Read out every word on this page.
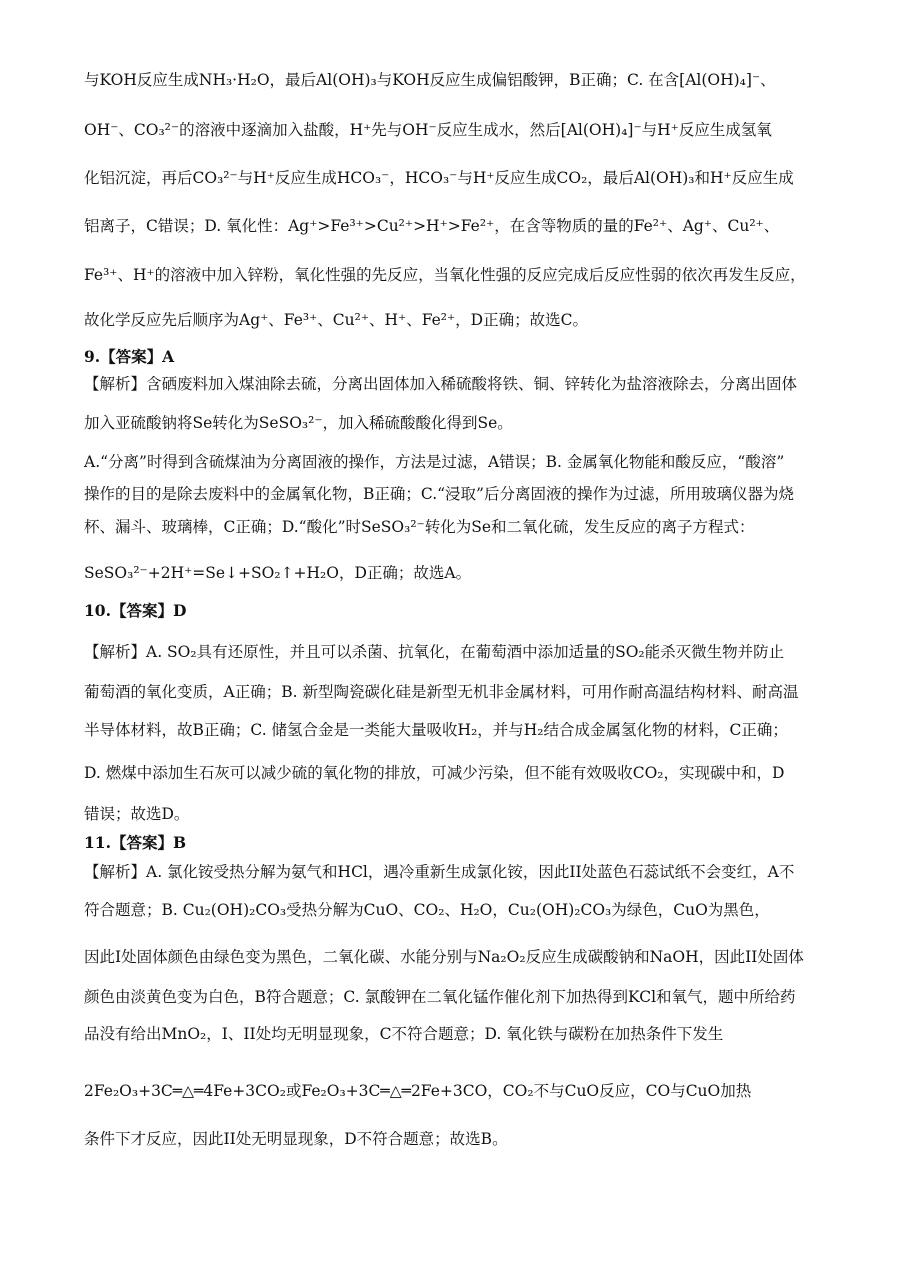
与KOH反应生成NH₃·H₂O，最后Al(OH)₃与KOH反应生成偏铝酸钾，B正确；C. 在含[Al(OH)₄]⁻、
OH⁻、CO₃²⁻的溶液中逐滴加入盐酸，H⁺先与OH⁻反应生成水，然后[Al(OH)₄]⁻与H⁺反应生成氢氧
化铝沉淀，再后CO₃²⁻与H⁺反应生成HCO₃⁻，HCO₃⁻与H⁺反应生成CO₂，最后Al(OH)₃和H⁺反应生成
铝离子，C错误；D. 氧化性：Ag⁺>Fe³⁺>Cu²⁺>H⁺>Fe²⁺，在含等物质的量的Fe²⁺、Ag⁺、Cu²⁺、
Fe³⁺、H⁺的溶液中加入锌粉，氧化性强的先反应，当氧化性强的反应完成后反应性弱的依次再发生反应，
故化学反应先后顺序为Ag⁺、Fe³⁺、Cu²⁺、H⁺、Fe²⁺，D正确；故选C。
9.【答案】A
【解析】含硒废料加入煤油除去硫，分离出固体加入稀硫酸将铁、铜、锌转化为盐溶液除去，分离出固体
加入亚硫酸钠将Se转化为SeSO₃²⁻，加入稀硫酸酸化得到Se。
A.“分离”时得到含硫煤油为分离固液的操作，方法是过滤，A错误；B. 金属氧化物能和酸反应，“酸溶”
操作的目的是除去废料中的金属氧化物，B正确；C.“浸取”后分离固液的操作为过滤，所用玻璃仪器为烧
杯、漏斗、玻璃棒，C正确；D.“酸化”时SeSO₃²⁻转化为Se和二氧化硫，发生反应的离子方程式：
SeSO₃²⁻+2H⁺=Se↓+SO₂↑+H₂O，D正确；故选A。
10.【答案】D
【解析】A. SO₂具有还原性，并且可以杀菌、抗氧化，在葡萄酒中添加适量的SO₂能杀灭微生物并防止
葡萄酒的氧化变质，A正确；B. 新型陶瓷碳化硅是新型无机非金属材料，可用作耐高温结构材料、耐高温
半导体材料，故B正确；C. 储氢合金是一类能大量吸收H₂，并与H₂结合成金属氢化物的材料，C正确；
D. 燃煤中添加生石灰可以减少硫的氧化物的排放，可减少污染，但不能有效吸收CO₂，实现碳中和，D
错误；故选D。
11.【答案】B
【解析】A. 氯化铵受热分解为氨气和HCl，遇冷重新生成氯化铵，因此II处蓝色石蕊试纸不会变红，A不
符合题意；B. Cu₂(OH)₂CO₃受热分解为CuO、CO₂、H₂O，Cu₂(OH)₂CO₃为绿色，CuO为黑色，
因此I处固体颜色由绿色变为黑色，二氧化碳、水能分别与Na₂O₂反应生成碳酸钠和NaOH，因此II处固体
颜色由淡黄色变为白色，B符合题意；C. 氯酸钾在二氧化锰作催化剂下加热得到KCl和氧气，题中所给药
品没有给出MnO₂，I、II处均无明显现象，C不符合题意；D. 氧化铁与碳粉在加热条件下发生
2Fe₂O₃+3C═△═4Fe+3CO₂或Fe₂O₃+3C═△═2Fe+3CO，CO₂不与CuO反应，CO与CuO加热
条件下才反应，因此II处无明显现象，D不符合题意；故选B。
